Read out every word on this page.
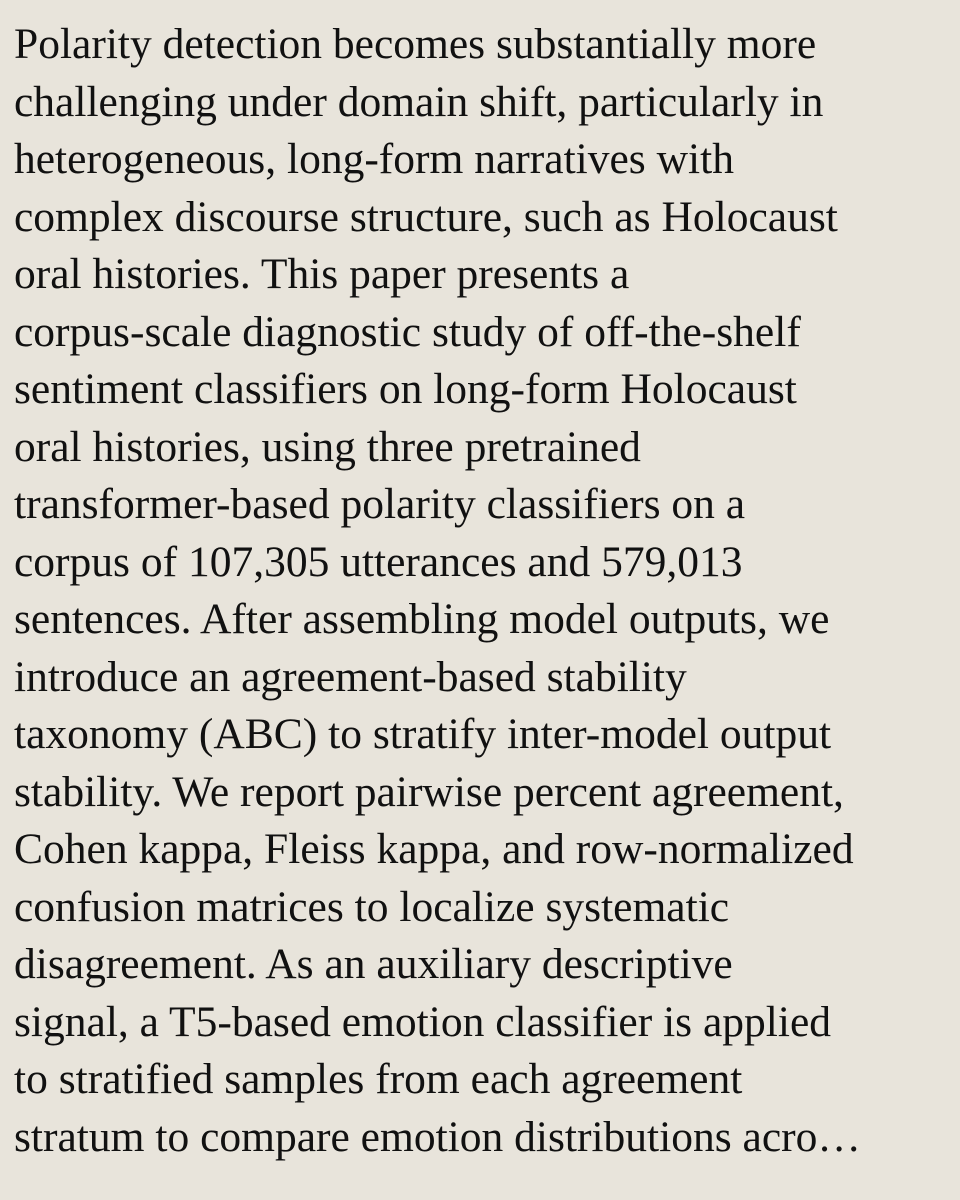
Polarity detection becomes substantially more
challenging under domain shift, particularly in
heterogeneous, long-form narratives with
complex discourse structure, such as Holocaust
oral histories. This paper presents a
corpus-scale diagnostic study of off-the-shelf
sentiment classifiers on long-form Holocaust
oral histories, using three pretrained
transformer-based polarity classifiers on a
corpus of 107,305 utterances and 579,013
sentences. After assembling model outputs, we
introduce an agreement-based stability
taxonomy (ABC) to stratify inter-model output
stability. We report pairwise percent agreement,
Cohen kappa, Fleiss kappa, and row-normalized
confusion matrices to localize systematic
disagreement. As an auxiliary descriptive
signal, a T5-based emotion classifier is applied
to stratified samples from each agreement
stratum to compare emotion distributions acro…
